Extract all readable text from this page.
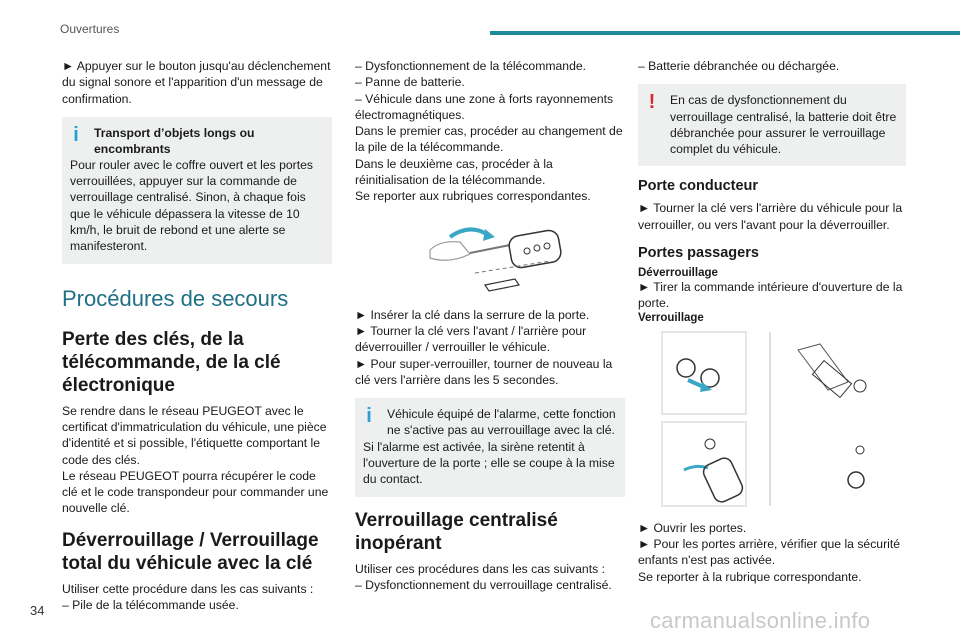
Ouvertures

► Appuyer sur le bouton jusqu'au déclenchement du signal sonore et l'apparition d'un message de confirmation.

i	Transport d’objets longs ou encombrants

Pour rouler avec le coffre ouvert et les portes verrouillées, appuyer sur la commande de verrouillage centralisé. Sinon, à chaque fois que le véhicule dépassera la vitesse de 10 km/h, le bruit de rebond et une alerte se manifesteront.

Procédures de secours
Perte des clés, de la télécommande, de la clé électronique

Se rendre dans le réseau PEUGEOT avec le certificat d'immatriculation du véhicule, une pièce d'identité et si possible, l'étiquette comportant le code des clés.

Le réseau PEUGEOT pourra récupérer le code clé et le code transpondeur pour commander une nouvelle clé.

Déverrouillage / Verrouillage total du véhicule avec la clé

Utiliser cette procédure dans les cas suivants :

– Pile de la télécommande usée.

– Dysfonctionnement de la télécommande.

– Panne de batterie.

– Véhicule dans une zone à forts rayonnements électromagnétiques.

Dans le premier cas, procéder au changement de la pile de la télécommande.

Dans le deuxième cas, procéder à la réinitialisation de la télécommande.

Se reporter aux rubriques correspondantes.

► Insérer la clé dans la serrure de la porte.

► Tourner la clé vers l'avant / l'arrière pour déverrouiller / verrouiller le véhicule.

► Pour super-verrouiller, tourner de nouveau la clé vers l'arrière dans les 5 secondes.

i	Véhicule équipé de l'alarme, cette fonction ne s'active pas au verrouillage avec la clé.

Si l'alarme est activée, la sirène retentit à l'ouverture de la porte ; elle se coupe à la mise du contact.

Verrouillage centralisé inopérant

Utiliser ces procédures dans les cas suivants :

– Dysfonctionnement du verrouillage centralisé.

– Batterie débranchée ou déchargée.

!	En cas de dysfonctionnement du verrouillage centralisé, la batterie doit être débranchée pour assurer le verrouillage complet du véhicule.

Porte conducteur

► Tourner la clé vers l'arrière du véhicule pour la verrouiller, ou vers l'avant pour la déverrouiller.

Portes passagers
Déverrouillage

► Tirer la commande intérieure d'ouverture de la porte.

Verrouillage

► Ouvrir les portes.

► Pour les portes arrière, vérifier que la sécurité enfants n'est pas activée.

Se reporter à la rubrique correspondante.

34	carmanualsonline.info
